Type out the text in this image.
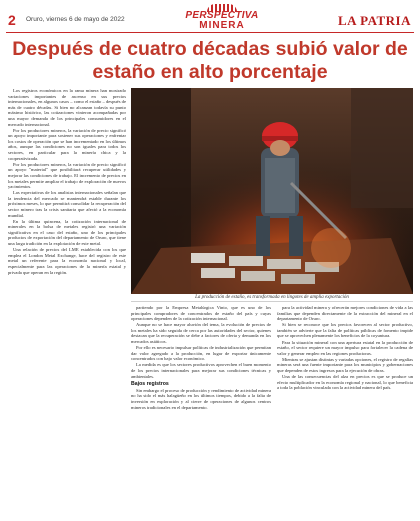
2 Oruro, viernes 6 de mayo de 2022	PERSPECTIVA
MINERA	LA PATRIA
Después de cuatro décadas subió valor de estaño en alto porcentaje

Los registros económicos en la rama minera han mostrado variaciones importantes de ascenso en sus precios internacionales, en algunos casos – como el estaño – después de más de cuatro décadas. Si bien no alcanzan todavía su punto máximo histórico, las cotizaciones vinieron acompañadas por una mayor demanda de los principales consumidores en el mercado internacional.

Por los productores mineros, la variación de precio significó un apoyo importante para sostener sus operaciones y enfrentar los costos de operación que se han incrementado en los últimos años, aunque las condiciones no son iguales para todos los sectores, en particular para la minería chica y la cooperativizada.

Por los productores mineros, la variación de precio significó un apoyo "material" que posibilitará recuperar utilidades y mejorar las condiciones de trabajo. El incremento de precios en los metales permite ampliar el trabajo de exploración de nuevos yacimientos.

Las expectativas de los analistas internacionales señalan que la tendencia del mercado se mantendrá estable durante los próximos meses, lo que permitirá consolidar la recuperación del sector minero tras la crisis sanitaria que afectó a la economía mundial.

En la última quincena, la cotización internacional de minerales en la bolsa de metales registró una variación significativa en el caso del estaño, uno de los principales productos de exportación del departamento de Oruro, que tiene una larga tradición en la explotación de este metal.

Una relación de precios del LME establecida con los que emplea el London Metal Exchange, hace del registro de este metal un referente para la economía nacional y local, especialmente para las operaciones de la minería estatal y privada que operan en la región.

La producción de estaño, es transformada en lingotes de amplia exportación

partiendo por la Empresa Metalúrgica Vinto, que es uno de los principales compradores de concentrados de estaño del país y cuyas operaciones dependen de la cotización internacional.

Aunque no se hace mayor aluvión del tema, la evolución de precios de los metales ha sido seguida de cerca por las autoridades del sector, quienes destacan que la recuperación se debe a factores de oferta y demanda en los mercados asiáticos.

Por ello es necesario impulsar políticas de industrialización que permitan dar valor agregado a la producción, en lugar de exportar únicamente concentrados con bajo valor económico.

La medida es que los sectores productivos aprovechen el buen momento de los precios internacionales para mejorar sus condiciones técnicas y ambientales.

Bajos registros

Sin embargo el proceso de producción y rendimiento de actividad minera no ha sido el más halagüeño en los últimos tiempos, debido a la falta de inversión en exploración y al cierre de operaciones de algunos centros mineros tradicionales en el departamento.

para la actividad minera y ofrecerán mejores condiciones de vida a las familias que dependen directamente de la extracción del mineral en el departamento de Oruro.

Si bien se reconoce que los precios favorecen al sector productivo, también se advierte que la falta de políticas públicas de fomento impide que se aprovechen plenamente los beneficios de la coyuntura.

Para la situación mineral con una apertura estatal en la producción de estaño, el sector requiere un mayor impulso para fortalecer la cadena de valor y generar empleo en las regiones productoras.

Mientras se ajustan distintas y variadas opciones, el registro de regalías mineras será una fuente importante para los municipios y gobernaciones que dependen de estos ingresos para la ejecución de obras.

Una de las consecuencias del alza en precios es que se produce un efecto multiplicador en la economía regional y nacional, lo que beneficia a toda la población vinculada con la actividad minera del país.
